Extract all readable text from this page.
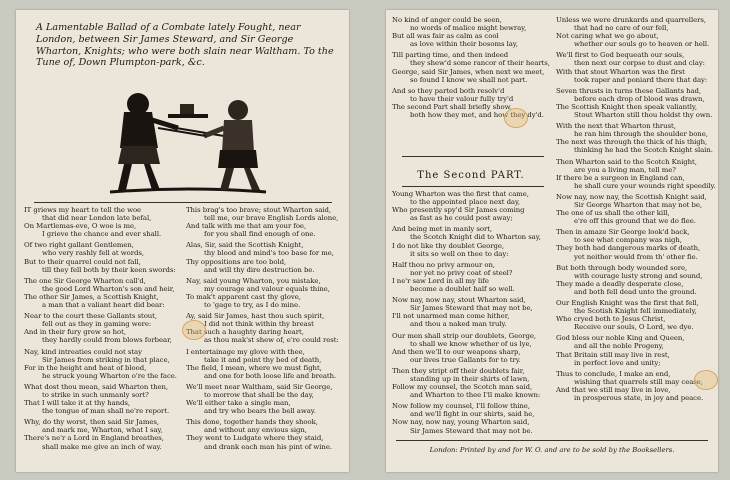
A Lamentable Ballad of a Combate lately Fought, near London, between Sir James Steward, and Sir George Wharton, Knights; who were both slain near Waltham. To the Tune of, Down Plumpton-park, &c.
IT griews my heart to tell the woe
that did near London late befal,
On Martlemas-eve, O woe is me,
I grieve the chance and ever shall.
Of two right gallant Gentlemen,
who very rashly fell at words,
But to their quarrel could not fall,
till they fell both by their keen swords:
The one Sir George Wharton call'd,
the good Lord Wharton's son and heir,
The other Sir James, a Scottish Knight,
a man that a valiant heart did bear:
Near to the court these Gallants stout,
fell out as they in gaming were:
And in their fury grew so hot,
they hardly could from blows forbear,
Nay, kind intreaties could not stay
Sir James from striking in that place,
For in the height and heat of blood,
he struck young Wharton o're the face.
What dost thou mean, said Wharton then,
to strike in such unmanly sort?
That I will take it at thy hands,
the tongue of man shall ne're report.
Why, do thy worst, then said Sir James,
and mark me, Wharton, what I say,
There's ne'r a Lord in England breathes,
shall make me give an inch of way.
This brag's too brave; stout Wharton said,
tell me, our brave English Lords alone,
And talk with me that am your foe,
for you shall find enough of one.
Alas, Sir, said the Scottish Knight,
thy blood and mind's too base for me,
Thy oppositions are too bold,
and will thy dire destruction be.
Nay, said young Wharton, you mistake,
my courage and valour equals thine,
To mak't apparent cast thy glove,
to 'gage to try, as I do mine.
Ay, said Sir James, hast thou such spirit,
I did not think within thy breast
That such a haughty daring heart,
as thou mak'st shew of, e're could rest:
I entertainage my glove with thee,
take it and point thy bed of death,
The field, I mean, where we must fight,
and one for both loose life and breath.
We'll meet near Waltham, said Sir George,
to morrow that shall be the day,
We'll either take a single man,
and try who bears the bell away.
This done, together hands they shook,
and without any envious sign,
They went to Ludgate where they staid,
and drank each man his pint of wine.
No kind of anger could be seen,
no words of malice might bewray,
But all was fair as calm as cool
as love within their bosoms lay,
Till parting time, and then indeed
they shew'd some rancor of their hearts,
George, said Sir James, when next we meet,
so found I know we shall not part.
And so they parted both resolv'd
to have their valour fully try'd
The second Part shall briefly show,
both how they met, and how they dy'd.
The Second PART.
Young Wharton was the first that came,
to the appointed place next day,
Who presently spy'd Sir James coming
as fast as he could post away;
And being met in manly sort,
the Scotch Knight did to Wharton say,
I do not like thy doublet George,
it sits so well on thee to day:
Half thou no privy armour on,
nor yet no privy coat of steel?
I ne'r saw Lord in all my life
become a doublet half so well.
Now nay, now nay, stout Wharton said,
Sir James Steward that may not be,
I'll not unarmed man come hither,
and thou a naked man truly.
Our men shall strip our doublets, George,
to shall we know whether of us lye,
And then we'll to our weapons sharp,
our lives true Gallants for to try.
Then they stript off their doublets fair,
standing up in their shirts of lawn,
Follow my counsel, the Scotch man said,
and Wharton to thee I'll make known:
Now follow my counsel, I'll follow thine,
and we'll fight in our shirts, said he,
Now nay, now nay, young Wharton said,
Sir James Steward that may not be.
Unless we were drunkards and quarrellers,
that had no care of our fell,
Not caring what we go about,
whether our souls go to heaven or hell.
We'll first to God bequeath our souls,
then next our corpse to dust and clay:
With that stout Wharton was the first
took raper and poniard there that day:
Seven thrusts in turns these Gallants had,
before each drop of blood was drawn,
The Scottish Knight then speak valiantly,
Stout Wharton still thou holdst thy own.
With the next that Wharton thrust,
he ran him through the shoulder bone,
The next was through the thick of his thigh,
thinking he had the Scotch Knight slain.
Then Wharton said to the Scotch Knight,
are you a living man, tell me?
If there be a surgeon in England can,
he shall cure your wounds right speedily.
Now nay, now nay, the Scottish Knight said,
Sir George Wharton that may not be,
The one of us shall the other kill,
e're off this ground that we do flee.
Then in amaze Sir George look'd back,
to see what company was nigh,
They both had dangerous marks of death,
yet neither would from th' other fie.
But both through body wounded sore,
with courage lusty strong and sound,
They made a deadly desperate close,
and both fell dead unto the ground.
Our English Knight was the first that fell,
the Scotish Knight fell immediately,
Who cryed both to Jesus Christ,
Receive our souls, O Lord, we dye.
God bless our noble King and Queen,
and all the noble Progeny,
That Britain still may live in rest,
in perfect love and unity;
Thus to conclude, I make an end,
wishing that quarrels still may cease,
And that we still may live in love,
in prosperous state, in joy and peace.
London: Printed by and for W. O. and are to be sold by the Booksellers.
